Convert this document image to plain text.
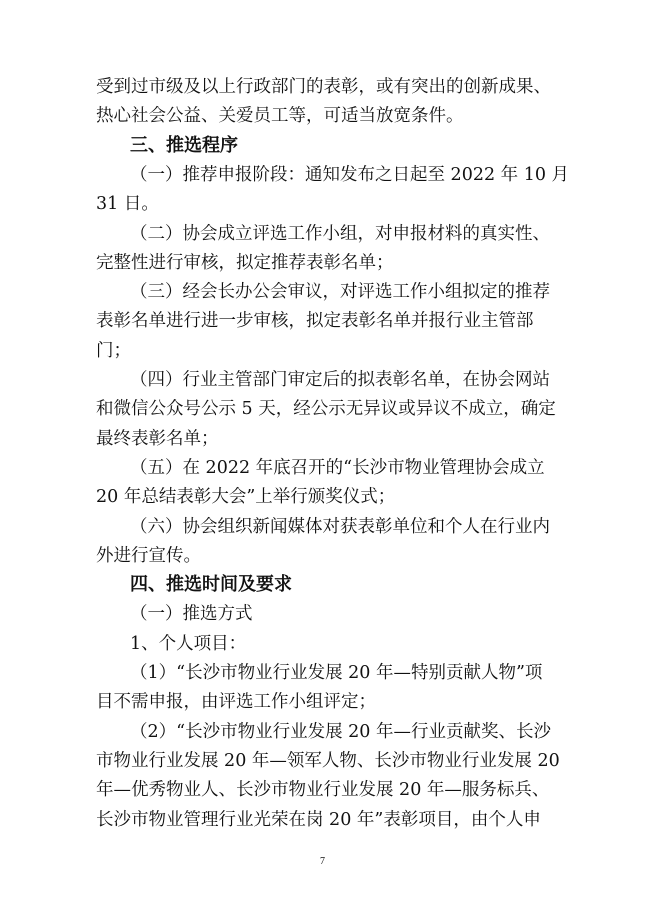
受到过市级及以上行政部门的表彰，或有突出的创新成果、
热心社会公益、关爱员工等，可适当放宽条件。
三、推选程序
（一）推荐申报阶段：通知发布之日起至 2022 年 10 月
31 日。
（二）协会成立评选工作小组，对申报材料的真实性、
完整性进行审核，拟定推荐表彰名单；
（三）经会长办公会审议，对评选工作小组拟定的推荐
表彰名单进行进一步审核，拟定表彰名单并报行业主管部
门；
（四）行业主管部门审定后的拟表彰名单，在协会网站
和微信公众号公示 5 天，经公示无异议或异议不成立，确定
最终表彰名单；
（五）在 2022 年底召开的“长沙市物业管理协会成立
20 年总结表彰大会”上举行颁奖仪式；
（六）协会组织新闻媒体对获表彰单位和个人在行业内
外进行宣传。
四、推选时间及要求
（一）推选方式
1、个人项目：
（1）“长沙市物业行业发展 20 年—特别贡献人物”项
目不需申报，由评选工作小组评定；
（2）“长沙市物业行业发展 20 年—行业贡献奖、长沙
市物业行业发展 20 年—领军人物、长沙市物业行业发展 20
年—优秀物业人、长沙市物业行业发展 20 年—服务标兵、
长沙市物业管理行业光荣在岗 20 年”表彰项目，由个人申
7
